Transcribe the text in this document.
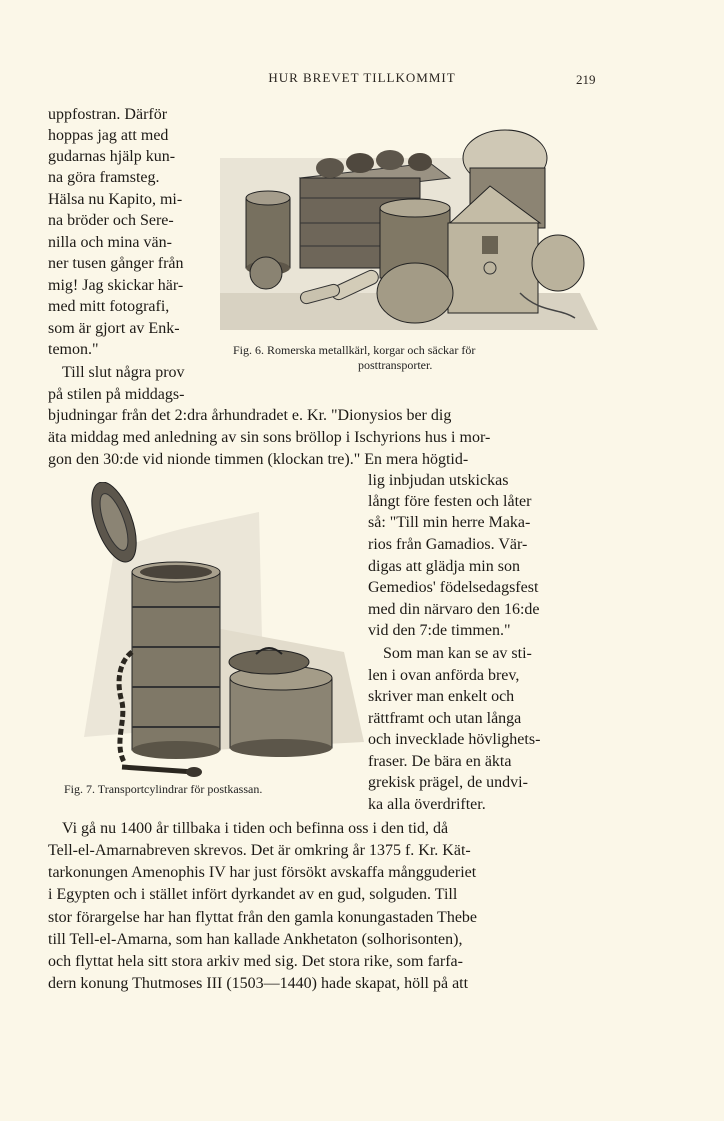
HUR BREVET TILLKOMMIT	219
Fig. 6. Romerska metallkärl, korgar och säckar för
posttransporter.
uppfostran. Därför
hoppas jag att med
gudarnas hjälp kun-
na göra framsteg.
Hälsa nu Kapito, mi-
na bröder och Sere-
nilla och mina vän-
ner tusen gånger från
mig! Jag skickar här-
med mitt fotografi,
som är gjort av Enk-
temon."
Till slut några prov
på stilen på middags-
bjudningar från det 2:dra århundradet e. Kr. "Dionysios ber dig
äta middag med anledning av sin sons bröllop i Ischyrions hus i mor-
gon den 30:de vid nionde timmen (klockan tre)." En mera högtid-
Fig. 7. Transportcylindrar för postkassan.
lig inbjudan utskickas
långt före festen och låter
så: "Till min herre Maka-
rios från Gamadios. Vär-
digas att glädja min son
Gemedios' födelsedagsfest
med din närvaro den 16:de
vid den 7:de timmen."
Som man kan se av sti-
len i ovan anförda brev,
skriver man enkelt och
rättframt och utan långa
och invecklade hövlighets-
fraser. De bära en äkta
grekisk prägel, de undvi-
ka alla överdrifter.
Vi gå nu 1400 år tillbaka i tiden och befinna oss i den tid, då
Tell-el-Amarnabreven skrevos. Det är omkring år 1375 f. Kr. Kät-
tarkonungen Amenophis IV har just försökt avskaffa mångguderiet
i Egypten och i stället infört dyrkandet av en gud, solguden. Till
stor förargelse har han flyttat från den gamla konungastaden Thebe
till Tell-el-Amarna, som han kallade Ankhetaton (solhorisonten),
och flyttat hela sitt stora arkiv med sig. Det stora rike, som farfa-
dern konung Thutmoses III (1503—1440) hade skapat, höll på att
